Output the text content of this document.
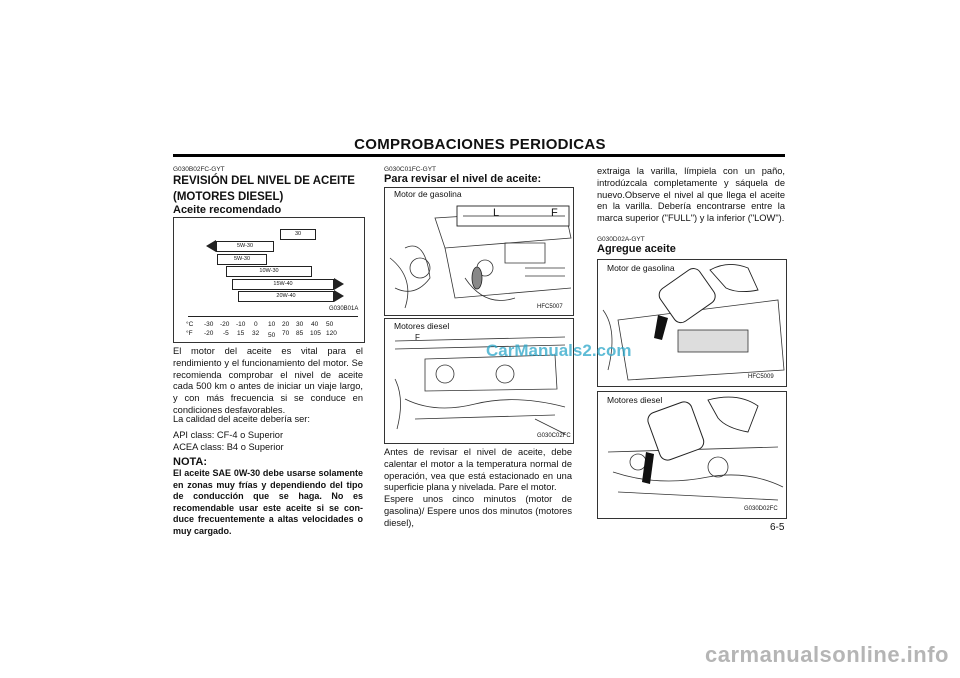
COMPROBACIONES PERIODICAS
G030B02FC-GYT
REVISIÓN DEL NIVEL DE ACEITE
(MOTORES DIESEL)
Aceite recomendado
30
5W-30
5W-30
10W-30
15W-40
20W-40
G030B01A
°C
°F
-30 -20 -10 0 10 20 30 40 50
-20 -5 15 32 50 70 85 105 120
El motor del aceite es vital para el rendimiento y el funcionamiento del motor. Se recomienda comprobar el nivel de aceite cada 500 km o antes de iniciar un viaje largo, y con más frecuencia si se conduce en condiciones desfavorables.
La calidad del aceite debería ser:
API class: CF-4 o Superior
ACEA class: B4 o Superior
NOTA:
El aceite SAE 0W-30 debe usarse solamente en zonas muy frías y dependiendo del tipo de conducción que se haga. No es recomendable usar este aceite si se con-duce frecuentemente a altas velocidades o muy cargado.
G030C01FC-GYT
Para revisar el nivel de aceite:
Motor de gasolina
L	F
HFC5007
Motores diesel
F
G030C02FC
Antes de revisar el nivel de aceite, debe calentar el motor a la temperatura normal de operación, vea que está estacionado en una superficie plana y nivelada. Pare el motor.
Espere unos cinco minutos (motor de gasolina)/ Espere unos dos minutos (motores diesel),
extraiga la varilla, límpiela con un paño, introdúzcala completamente y sáquela de nuevo.Observe el nivel al que llega el aceite en la varilla. Debería encontrarse entre la marca superior ("FULL") y la inferior ("LOW").
G030D02A-GYT
Agregue aceite
Motor de gasolina
HFC5009
Motores diesel
G030D02FC
6-5
CarManuals2.com
carmanualsonline.info
